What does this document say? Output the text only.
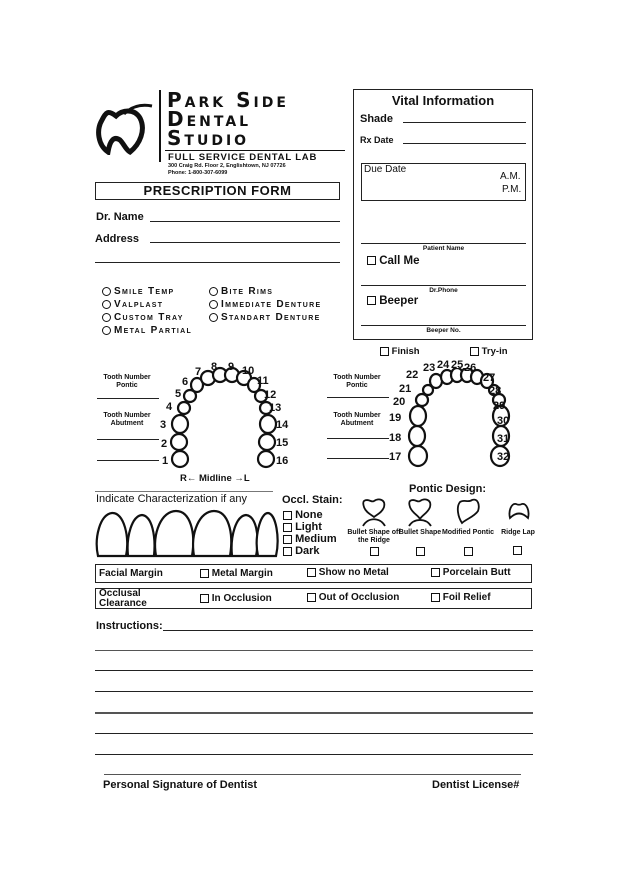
Park Side
Dental
Studio
FULL SERVICE DENTAL LAB
300 Craig Rd. Floor 2, Englishtown, NJ 07726
Phone: 1-800-307-6099
PRESCRIPTION FORM
Dr. Name
Address
Smile Temp
Valplast
Custom Tray
Metal Partial
Bite Rims
Immediate Denture
Standart Denture
Vital Information
Shade
Rx Date
Due Date
A.M.
P.M.
Patient Name
Call Me
Dr.Phone
Beeper
Beeper No.
Finish	Try-in
Tooth Number Pontic
Tooth Number Abutment
1
2
3
4
5
6
7 8 9 10
11
12
13
14
15
16
R← Midline →L
Tooth Number Pontic
Tooth Number Abutment
17
18
19
20
21
22
23 24 25 26
27
28
29
30
31
32
Indicate Characterization if any	Occl. Stain:
None
Light
Medium
Dark
Pontic Design:
Bullet Shape off the Ridge
Bullet Shape Modified Pontic	Ridge Lap
Facial Margin	Metal Margin	Show no Metal	Porcelain Butt
Occlusal
Clearance	In Occlusion	Out of Occlusion	Foil Relief
Instructions:
Personal Signature of Dentist	Dentist License#
